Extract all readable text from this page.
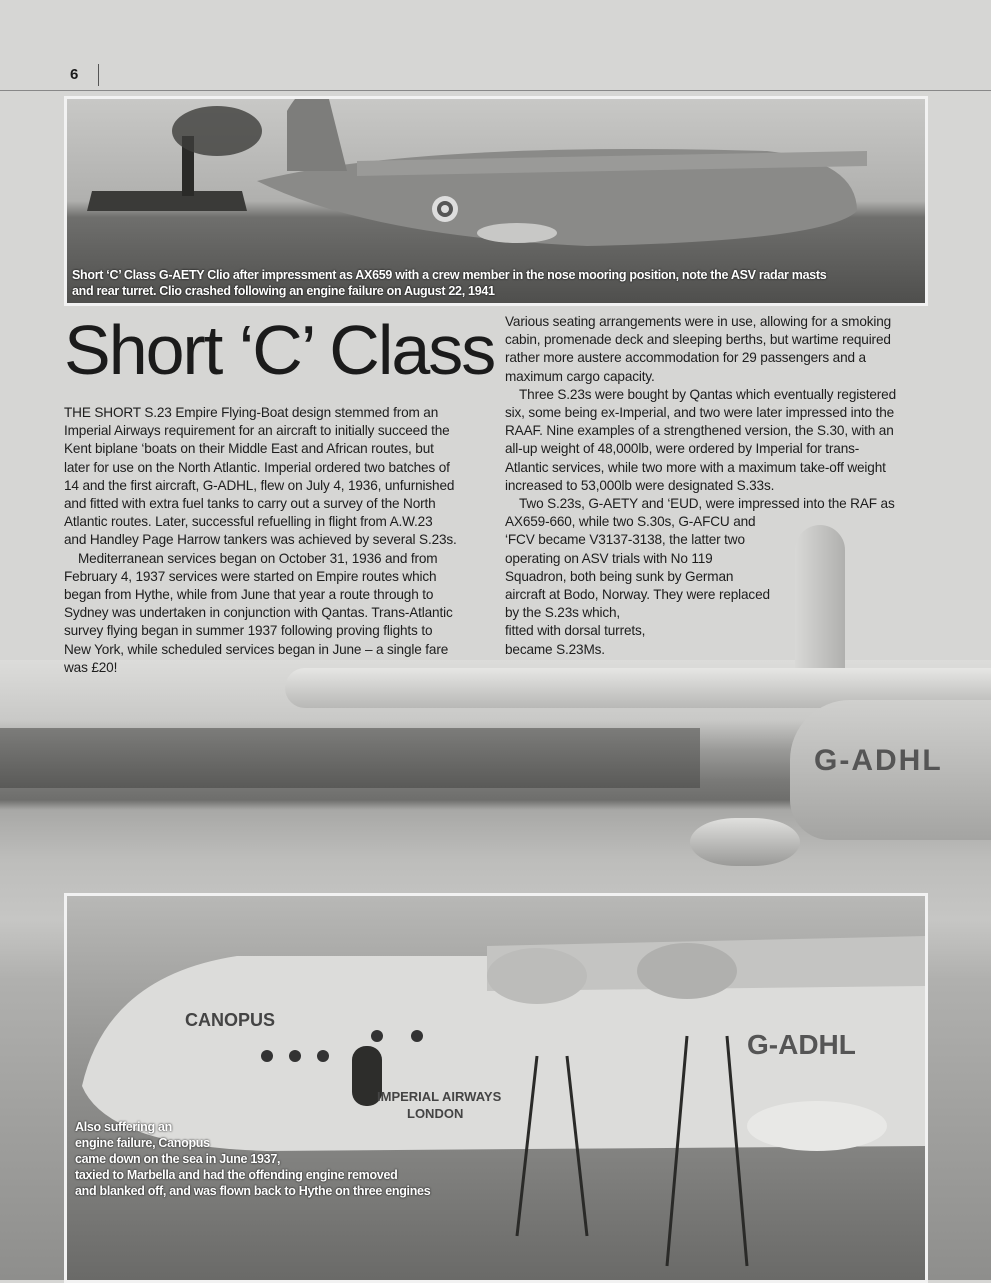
G-ADHL
Short ‘C’ Class G-AETY Clio after impressment as AX659 with a crew member in the nose mooring position, note the ASV radar masts
and rear turret. Clio crashed following an engine failure on August 22, 1941
6
Short ‘C’ Class
THE SHORT S.23 Empire Flying-Boat design stemmed from an
Imperial Airways requirement for an aircraft to initially succeed the
Kent biplane ‘boats on their Middle East and African routes, but
later for use on the North Atlantic. Imperial ordered two batches of
14 and the first aircraft, G-ADHL, flew on July 4, 1936, unfurnished
and fitted with extra fuel tanks to carry out a survey of the North
Atlantic routes. Later, successful refuelling in flight from A.W.23
and Handley Page Harrow tankers was achieved by several S.23s.
Mediterranean services began on October 31, 1936 and from
February 4, 1937 services were started on Empire routes which
began from Hythe, while from June that year a route through to
Sydney was undertaken in conjunction with Qantas. Trans-Atlantic
survey flying began in summer 1937 following proving flights to
New York, while scheduled services began in June – a single fare
was £20!
Various seating arrangements were in use, allowing for a smoking
cabin, promenade deck and sleeping berths, but wartime required
rather more austere accommodation for 29 passengers and a
maximum cargo capacity.
Three S.23s were bought by Qantas which eventually registered
six, some being ex-Imperial, and two were later impressed into the
RAAF. Nine examples of a strengthened version, the S.30, with an
all-up weight of 48,000lb, were ordered by Imperial for trans-
Atlantic services, while two more with a maximum take-off weight
increased to 53,000lb were designated S.33s.
Two S.23s, G-AETY and ‘EUD, were impressed into the RAF as
AX659-660, while two S.30s, G-AFCU and
‘FCV became V3137-3138, the latter two
operating on ASV trials with No 119
Squadron, both being sunk by German
aircraft at Bodo, Norway. They were replaced
by the S.23s which,
fitted with dorsal turrets,
became S.23Ms.
CANOPUS
IMPERIAL AIRWAYS
LONDON
G-ADHL
Also suffering an
engine failure, Canopus
came down on the sea in June 1937,
taxied to Marbella and had the offending engine removed
and blanked off, and was flown back to Hythe on three engines
